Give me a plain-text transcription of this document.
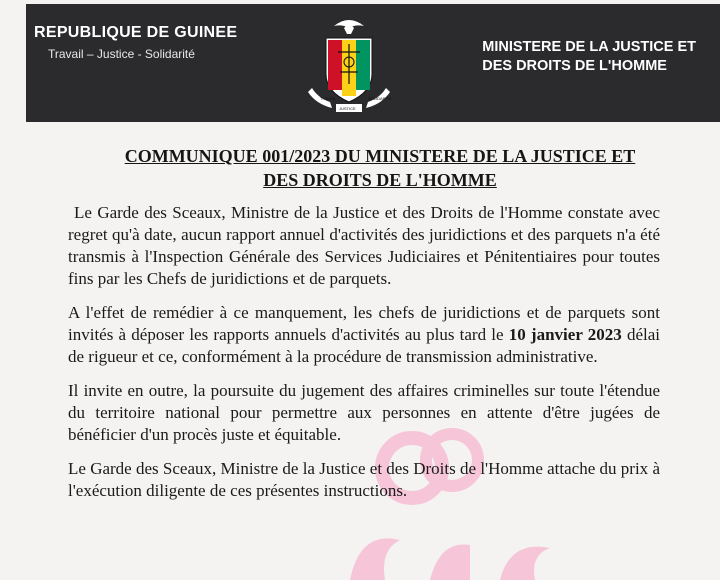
REPUBLIQUE DE GUINEE
Travail – Justice - Solidarité
TRAVAIL
JUSTICE
SOLIDARITE
MINISTERE DE LA JUSTICE ET
DES DROITS DE L'HOMME
COMMUNIQUE 001/2023 DU MINISTERE DE LA JUSTICE ET
DES DROITS DE L'HOMME

Le Garde des Sceaux, Ministre de la Justice et des Droits de l'Homme constate avec regret qu'à date, aucun rapport annuel d'activités des juridictions et des parquets n'a été transmis à l'Inspection Générale des Services Judiciaires et Pénitentiaires pour toutes fins par les Chefs de juridictions et de parquets.

A l'effet de remédier à ce manquement, les chefs de juridictions et de parquets sont invités à déposer les rapports annuels d'activités au plus tard le 10 janvier 2023 délai de rigueur et ce, conformément à la procédure de transmission administrative.

Il invite en outre, la poursuite du jugement des affaires criminelles sur toute l'étendue du territoire national pour permettre aux personnes en attente d'être jugées de bénéficier d'un procès juste et équitable.

Le Garde des Sceaux, Ministre de la Justice et des Droits de l'Homme attache du prix à l'exécution diligente de ces présentes instructions.
